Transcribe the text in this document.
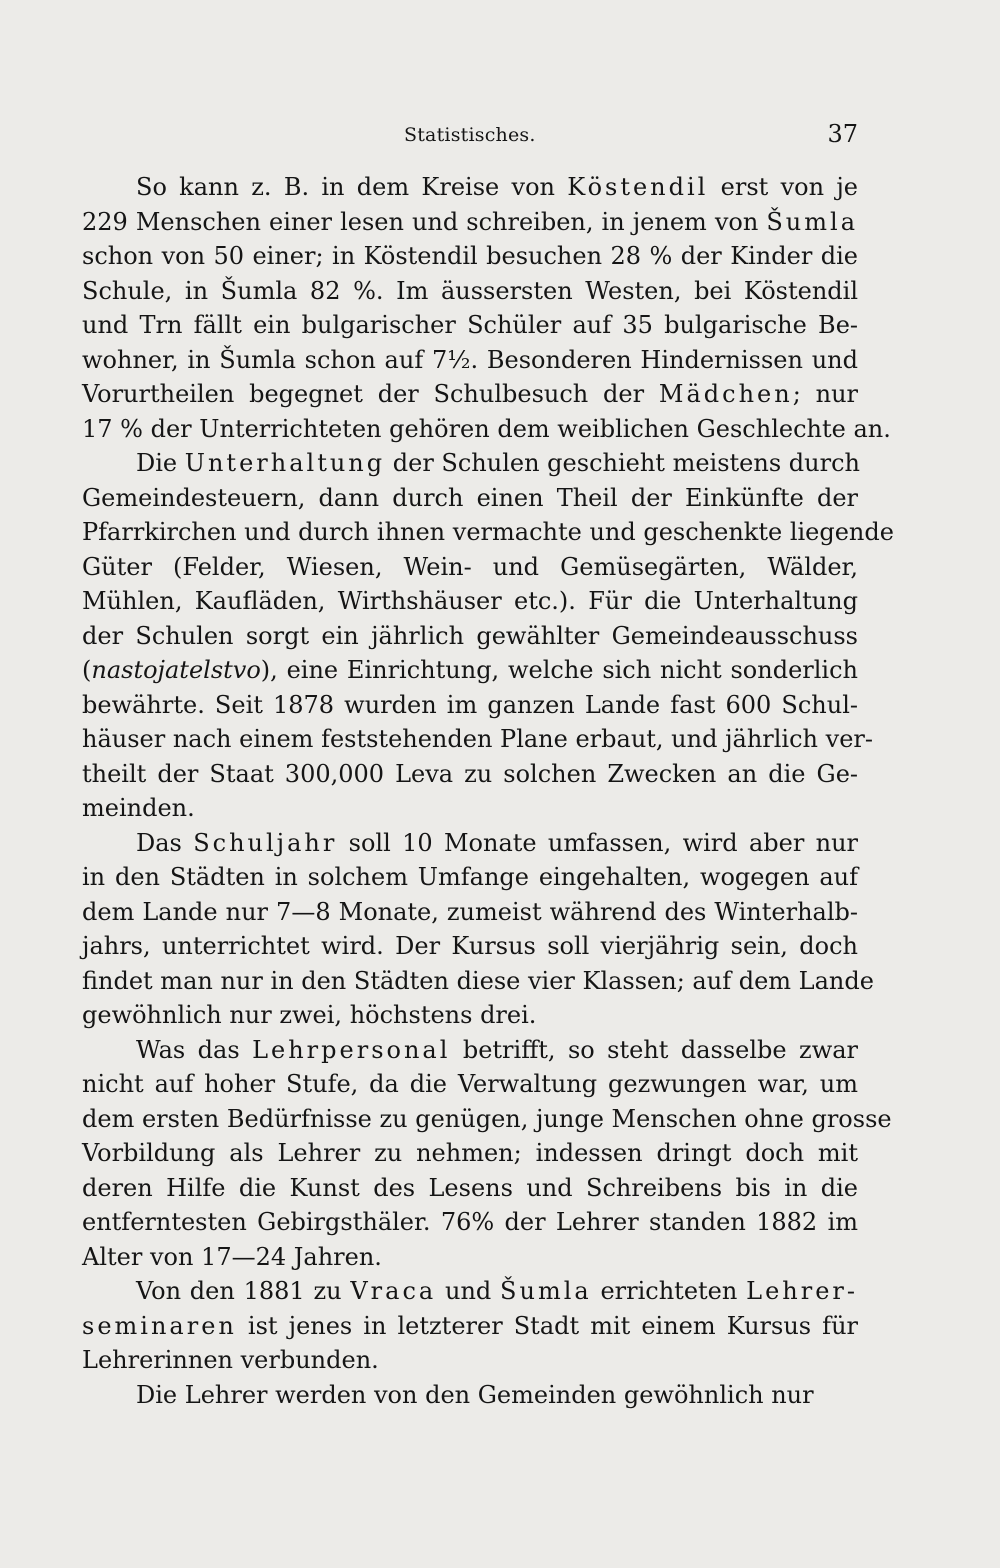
Statistisches.	37
So kann z. B. in dem Kreise von Köstendil erst von je
229 Menschen einer lesen und schreiben, in jenem von Šumla
schon von 50 einer; in Köstendil besuchen 28 % der Kinder die
Schule, in Šumla 82 %. Im äussersten Westen, bei Köstendil
und Trn fällt ein bulgarischer Schüler auf 35 bulgarische Be-
wohner, in Šumla schon auf 7½. Besonderen Hindernissen und
Vorurtheilen begegnet der Schulbesuch der Mädchen; nur
17 % der Unterrichteten gehören dem weiblichen Geschlechte an.
Die Unterhaltung der Schulen geschieht meistens durch
Gemeindesteuern, dann durch einen Theil der Einkünfte der
Pfarrkirchen und durch ihnen vermachte und geschenkte liegende
Güter (Felder, Wiesen, Wein- und Gemüsegärten, Wälder,
Mühlen, Kaufläden, Wirthshäuser etc.). Für die Unterhaltung
der Schulen sorgt ein jährlich gewählter Gemeindeausschuss
(nastojatelstvo), eine Einrichtung, welche sich nicht sonderlich
bewährte. Seit 1878 wurden im ganzen Lande fast 600 Schul-
häuser nach einem feststehenden Plane erbaut, und jährlich ver-
theilt der Staat 300,000 Leva zu solchen Zwecken an die Ge-
meinden.
Das Schuljahr soll 10 Monate umfassen, wird aber nur
in den Städten in solchem Umfange eingehalten, wogegen auf
dem Lande nur 7—8 Monate, zumeist während des Winterhalb-
jahrs, unterrichtet wird. Der Kursus soll vierjährig sein, doch
findet man nur in den Städten diese vier Klassen; auf dem Lande
gewöhnlich nur zwei, höchstens drei.
Was das Lehrpersonal betrifft, so steht dasselbe zwar
nicht auf hoher Stufe, da die Verwaltung gezwungen war, um
dem ersten Bedürfnisse zu genügen, junge Menschen ohne grosse
Vorbildung als Lehrer zu nehmen; indessen dringt doch mit
deren Hilfe die Kunst des Lesens und Schreibens bis in die
entferntesten Gebirgsthäler. 76% der Lehrer standen 1882 im
Alter von 17—24 Jahren.
Von den 1881 zu Vraca und Šumla errichteten Lehrer-
seminaren ist jenes in letzterer Stadt mit einem Kursus für
Lehrerinnen verbunden.
Die Lehrer werden von den Gemeinden gewöhnlich nur
